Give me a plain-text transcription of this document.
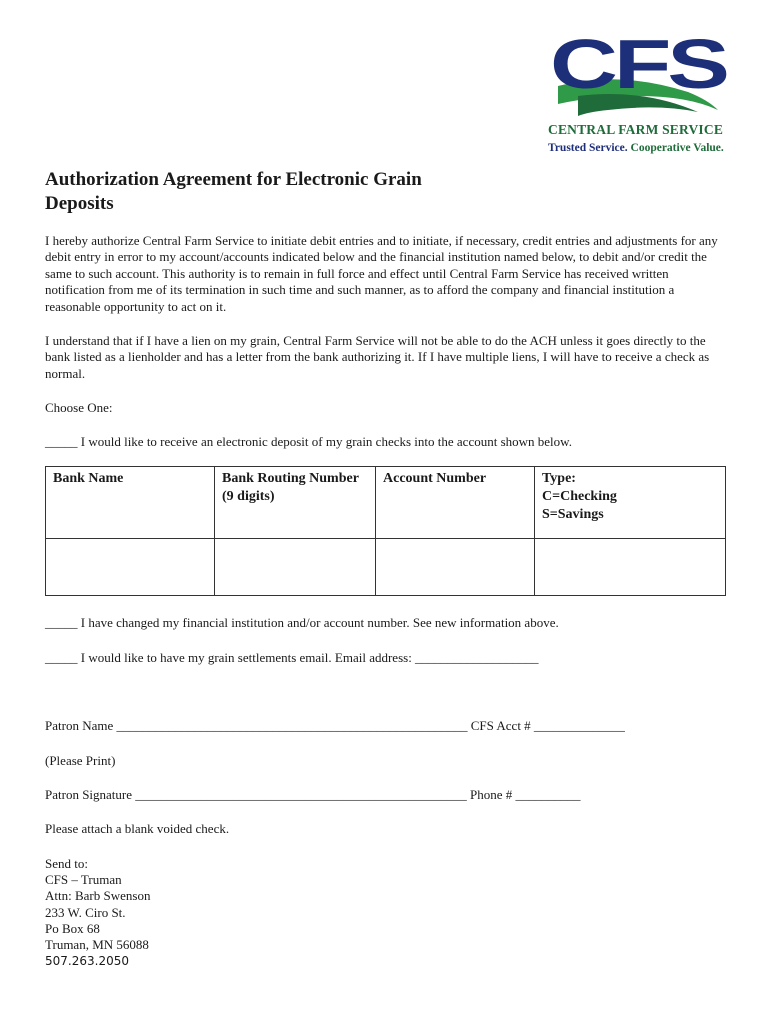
CFS
CENTRAL FARM SERVICE
Trusted Service. Cooperative Value.
Authorization Agreement for Electronic Grain Deposits

I hereby authorize Central Farm Service to initiate debit entries and to initiate, if necessary, credit entries and adjustments for any debit entry in error to my account/accounts indicated below and the financial institution named below, to debit and/or credit the same to such account. This authority is to remain in full force and effect until Central Farm Service has received written notification from me of its termination in such time and such manner, as to afford the company and financial institution a reasonable opportunity to act on it.

I understand that if I have a lien on my grain, Central Farm Service will not be able to do the ACH unless it goes directly to the bank listed as a lienholder and has a letter from the bank authorizing it. If I have multiple liens, I will have to receive a check as normal.

Choose One:

_____ I would like to receive an electronic deposit of my grain checks into the account shown below.

Bank Name	Bank Routing Number (9 digits)	Account Number	Type:
C=Checking
S=Savings

_____ I have changed my financial institution and/or account number. See new information above.

_____ I would like to have my grain settlements email. Email address: ___________________

Patron Name ______________________________________________________ CFS Acct # ______________

(Please Print)

Patron Signature ___________________________________________________ Phone # __________

Please attach a blank voided check.

Send to:
CFS – Truman
Attn: Barb Swenson
233 W. Ciro St.
Po Box 68
Truman, MN 56088
507.263.2050
